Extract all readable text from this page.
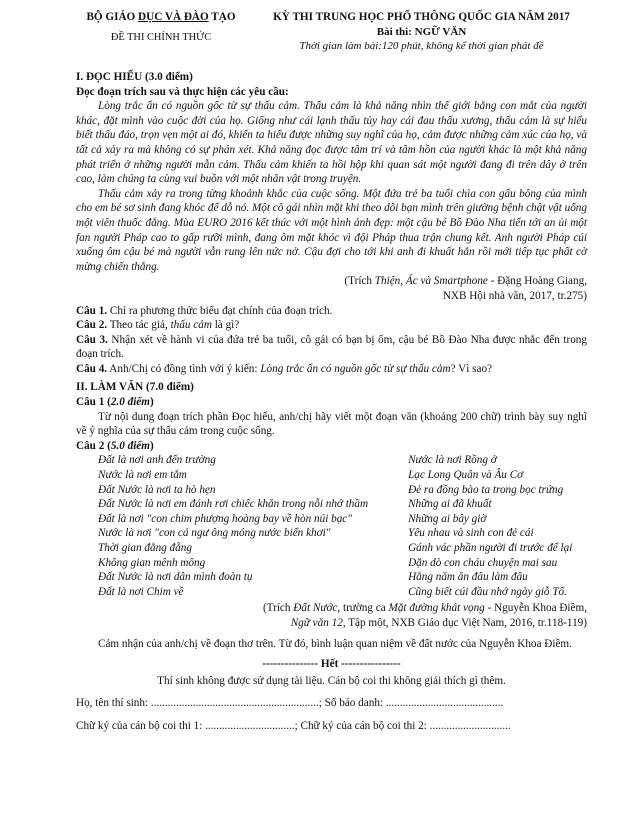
BỘ GIÁO DỤC VÀ ĐÀO TẠO
ĐỀ THI CHÍNH THỨC
KỲ THI TRUNG HỌC PHỔ THÔNG QUỐC GIA NĂM 2017
Bài thi: NGỮ VĂN
Thời gian làm bài:120 phút, không kể thời gian phát đề
I. ĐỌC HIỂU (3.0 điểm)
Đọc đoạn trích sau và thực hiện các yêu cầu:
Lòng trắc ẩn có nguồn gốc từ sự thấu cảm. Thấu cảm là khả năng nhìn thế giới bằng con mắt của người khác, đặt mình vào cuộc đời của họ. Giống như cái lạnh thấu tủy hay cái đau thấu xương, thấu cảm là sự hiểu biết thấu đáo, trọn vẹn một ai đó, khiến ta hiểu được những suy nghĩ của họ, cảm được những cảm xúc của họ, và tất cả xảy ra mà không có sự phán xét. Khả năng đọc được tâm trí và tâm hồn của người khác là một khả năng phát triển ở những người mẫn cảm. Thấu cảm khiến ta hồi hộp khi quan sát một người đang đi trên dây ở trên cao, làm chúng ta cùng vui buồn với một nhân vật trong truyện.
Thấu cảm xảy ra trong từng khoảnh khắc của cuộc sống. Một đứa trẻ ba tuổi chìa con gấu bông của mình cho em bé sơ sinh đang khóc để dỗ nó. Một cô gái nhìn mặt khi theo dõi bạn mình trên giường bệnh chật vật uống một viên thuốc đắng. Mùa EURO 2016 kết thúc với một hình ảnh đẹp: một cậu bé Bồ Đào Nha tiến tới an ủi một fan người Pháp cao to gấp rưỡi mình, đang ôm mặt khóc vì đội Pháp thua trận chung kết. Anh người Pháp cúi xuống ôm cậu bé mà người vẫn rung lên nức nở. Cậu đợi cho tới khi anh đi khuất hẳn rồi mới tiếp tục phất cờ mừng chiến thắng.
(Trích Thiện, Ác và Smartphone - Đặng Hoàng Giang,
NXB Hội nhà văn, 2017, tr.275)
Câu 1. Chỉ ra phương thức biểu đạt chính của đoạn trích.
Câu 2. Theo tác giả, thấu cảm là gì?
Câu 3. Nhận xét về hành vi của đứa trẻ ba tuổi, cô gái có bạn bị ốm, cậu bé Bồ Đào Nha được nhắc đến trong đoạn trích.
Câu 4. Anh/Chị có đồng tình với ý kiến: Lòng trắc ẩn có nguồn gốc từ sự thấu cảm? Vì sao?
II. LÀM VĂN (7.0 điểm)
Câu 1 (2.0 điểm)
Từ nội dung đoạn trích phần Đọc hiểu, anh/chị hãy viết một đoạn văn (khoảng 200 chữ) trình bày suy nghĩ về ý nghĩa của sự thấu cảm trong cuộc sống.
Câu 2 (5.0 điểm)
Đất là nơi anh đến trường
Nước là nơi em tắm
Đất Nước là nơi ta hò hẹn
Đất Nước là nơi em đánh rơi chiếc khăn trong nỗi nhớ thầm
Đất là nơi "con chim phượng hoàng bay về hòn núi bạc"
Nước là nơi "con cá ngư ông móng nước biển khơi"
Thời gian đằng đẵng
Không gian mênh mông
Đất Nước là nơi dân mình đoàn tụ
Đất là nơi Chim về
Nước là nơi Rồng ở
Lạc Long Quân và Âu Cơ
Đẻ ra đồng bào ta trong bọc trứng
Những ai đã khuất
Những ai bây giờ
Yêu nhau và sinh con đẻ cái
Gánh vác phần người đi trước để lại
Dặn dò con cháu chuyện mai sau
Hằng năm ăn đâu làm đâu
Cũng biết cúi đầu nhớ ngày giỗ Tổ.
(Trích Đất Nước, trường ca Mặt đường khát vọng - Nguyễn Khoa Điềm,
Ngữ văn 12, Tập một, NXB Giáo dục Việt Nam, 2016, tr.118-119)
Cảm nhận của anh/chị về đoạn thơ trên. Từ đó, bình luận quan niệm về đất nước của Nguyễn Khoa Điềm.
--------------- Hết ----------------
Thí sinh không được sử dụng tài liệu. Cán bộ coi thi không giải thích gì thêm.
Họ, tên thí sinh: ............................................................; Số báo danh: ..........................................
Chữ ký của cán bộ coi thi 1: ................................; Chữ ký của cán bộ coi thi 2: .............................
